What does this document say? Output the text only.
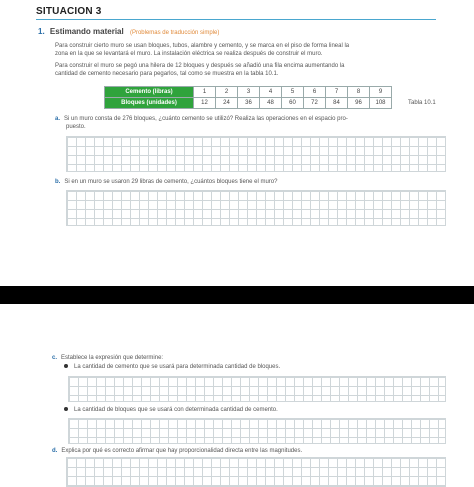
SITUACION 3
1. Estimando material (Problemas de traducción simple)
Para construir cierto muro se usan bloques, tubos, alambre y cemento, y se marca en el piso de forma lineal la
zona en la que se levantará el muro. La instalación eléctrica se realiza después de construir el muro.
Para construir el muro se pegó una hilera de 12 bloques y después se añadió una fila encima aumentando la
cantidad de cemento necesario para pegarlos, tal como se muestra en la tabla 10.1.
Cemento (libras)	1	2	3	4	5	6	7	8	9
Bloques (unidades)	12	24	36	48	60	72	84	96	108	Tabla 10.1
a. Si un muro consta de 276 bloques, ¿cuánto cemento se utilizó? Realiza las operaciones en el espacio pro-
puesto.
b. Si en un muro se usaron 29 libras de cemento, ¿cuántos bloques tiene el muro?
c. Establece la expresión que determine:
La cantidad de cemento que se usará para determinada cantidad de bloques.
La cantidad de bloques que se usará con determinada cantidad de cemento.
d. Explica por qué es correcto afirmar que hay proporcionalidad directa entre las magnitudes.
